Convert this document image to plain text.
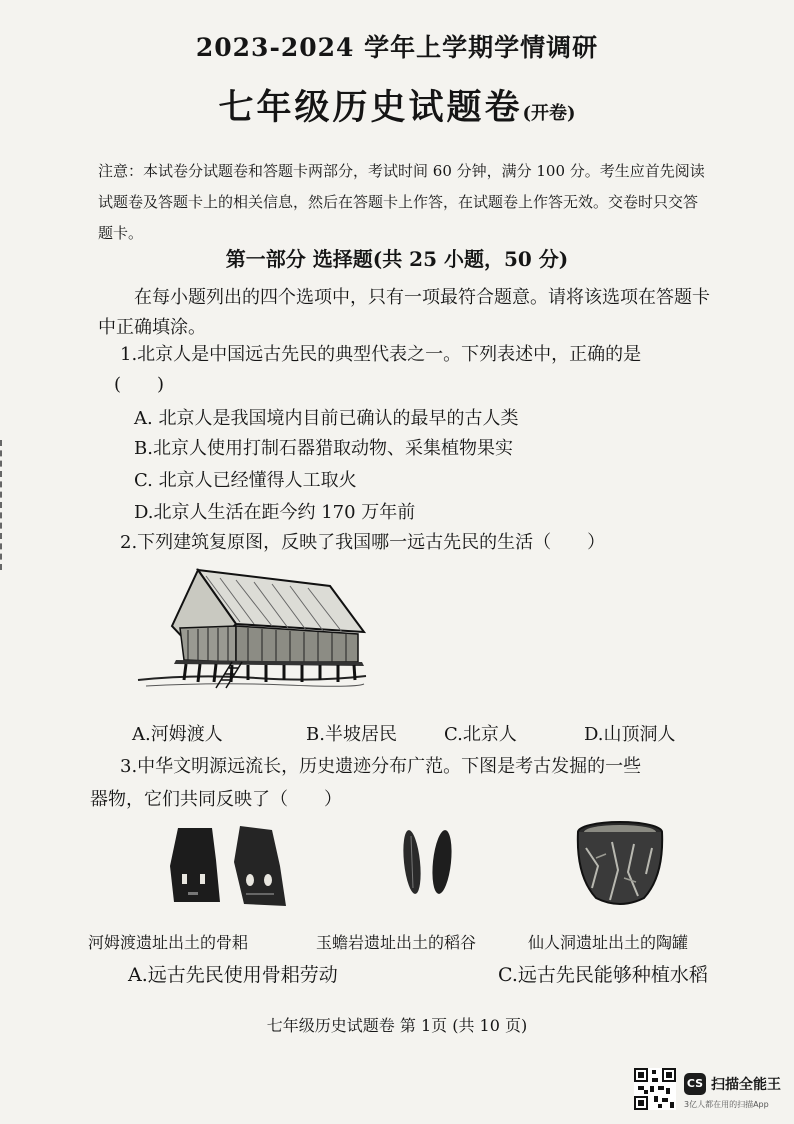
2023-2024 学年上学期学情调研
七年级历史试题卷(开卷)
注意：本试卷分试题卷和答题卡两部分，考试时间 60 分钟，满分 100 分。考生应首先阅读试题卷及答题卡上的相关信息，然后在答题卡上作答，在试题卷上作答无效。交卷时只交答题卡。
第一部分 选择题(共 25 小题，50 分)
在每小题列出的四个选项中，只有一项最符合题意。请将该选项在答题卡中正确填涂。
1.北京人是中国远古先民的典型代表之一。下列表述中，正确的是
(　　)
A. 北京人是我国境内目前已确认的最早的古人类
B.北京人使用打制石器猎取动物、采集植物果实
C. 北京人已经懂得人工取火
D.北京人生活在距今约 170 万年前
2.下列建筑复原图，反映了我国哪一远古先民的生活（　　）
A.河姆渡人	B.半坡居民	C.北京人	D.山顶洞人
3.中华文明源远流长，历史遗迹分布广范。下图是考古发掘的一些
器物，它们共同反映了（　　）
河姆渡遗址出土的骨耜	玉蟾岩遗址出土的稻谷	仙人洞遗址出土的陶罐
A.远古先民使用骨耜劳动	C.远古先民能够种植水稻
七年级历史试题卷 第 1页 (共 10 页)
CS 扫描全能王
3亿人都在用的扫描App
